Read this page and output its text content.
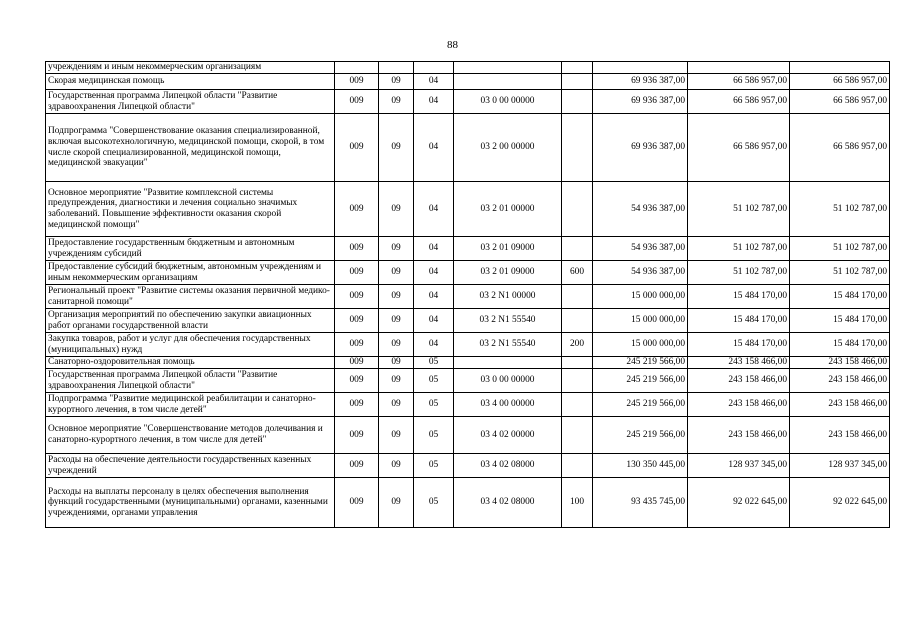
88
учреждениям и иным некоммерческим организациям								
Скорая медицинская помощь	009	09	04			69 936 387,00	66 586 957,00	66 586 957,00
Государственная программа Липецкой области "Развитие здравоохранения Липецкой области"	009	09	04	03 0 00 00000		69 936 387,00	66 586 957,00	66 586 957,00
Подпрограмма "Совершенствование оказания специализированной, включая высокотехнологичную, медицинской помощи, скорой, в том числе скорой специализированной, медицинской помощи, медицинской эвакуации"	009	09	04	03 2 00 00000		69 936 387,00	66 586 957,00	66 586 957,00
Основное мероприятие "Развитие комплексной системы предупреждения, диагностики и лечения социально значимых заболеваний. Повышение эффективности оказания скорой медицинской помощи"	009	09	04	03 2 01 00000		54 936 387,00	51 102 787,00	51 102 787,00
Предоставление государственным бюджетным и автономным учреждениям субсидий	009	09	04	03 2 01 09000		54 936 387,00	51 102 787,00	51 102 787,00
Предоставление субсидий бюджетным, автономным учреждениям и иным некоммерческим организациям	009	09	04	03 2 01 09000	600	54 936 387,00	51 102 787,00	51 102 787,00
Региональный проект "Развитие системы оказания первичной медико-санитарной помощи"	009	09	04	03 2 N1 00000		15 000 000,00	15 484 170,00	15 484 170,00
Организация мероприятий по обеспечению закупки авиационных работ органами государственной власти	009	09	04	03 2 N1 55540		15 000 000,00	15 484 170,00	15 484 170,00
Закупка товаров, работ и услуг для обеспечения государственных (муниципальных) нужд	009	09	04	03 2 N1 55540	200	15 000 000,00	15 484 170,00	15 484 170,00
Санаторно-оздоровительная помощь	009	09	05			245 219 566,00	243 158 466,00	243 158 466,00
Государственная программа Липецкой области "Развитие здравоохранения Липецкой области"	009	09	05	03 0 00 00000		245 219 566,00	243 158 466,00	243 158 466,00
Подпрограмма "Развитие медицинской реабилитации и санаторно-курортного лечения, в том числе детей"	009	09	05	03 4 00 00000		245 219 566,00	243 158 466,00	243 158 466,00
Основное мероприятие "Совершенствование методов долечивания и санаторно-курортного лечения, в том числе для детей"	009	09	05	03 4 02 00000		245 219 566,00	243 158 466,00	243 158 466,00
Расходы на обеспечение деятельности государственных казенных учреждений	009	09	05	03 4 02 08000		130 350 445,00	128 937 345,00	128 937 345,00
Расходы на выплаты персоналу в целях обеспечения выполнения функций государственными (муниципальными) органами, казенными учреждениями, органами управления	009	09	05	03 4 02 08000	100	93 435 745,00	92 022 645,00	92 022 645,00
